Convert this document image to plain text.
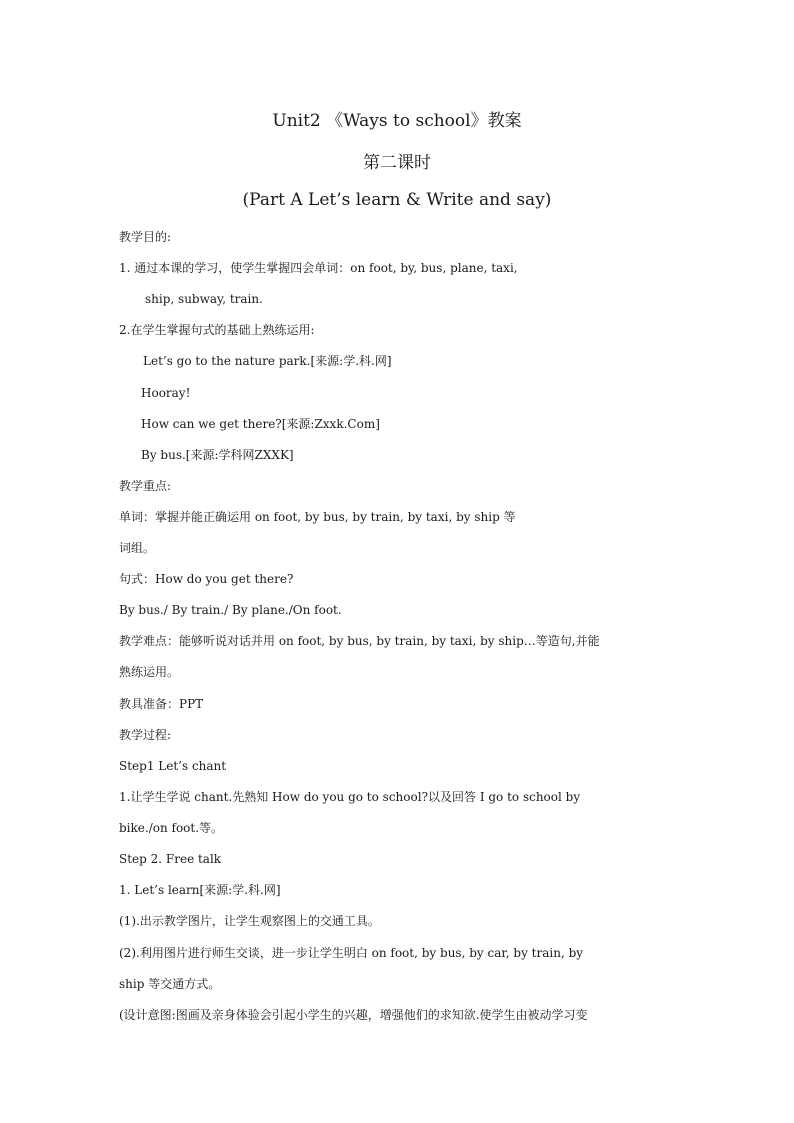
Unit2 《Ways to school》教案
第二课时
(Part A Let’s learn & Write and say)
教学目的:
1. 通过本课的学习，使学生掌握四会单词：on foot, by, bus, plane, taxi,
ship, subway, train.
2.在学生掌握句式的基础上熟练运用:
Let’s go to the nature park.[来源:学.科.网]
Hooray!
How can we get there?[来源:Zxxk.Com]
By bus.[来源:学科网ZXXK]
教学重点:
单词：掌握并能正确运用 on foot, by bus, by train, by taxi, by ship 等
词组。
句式：How do you get there?
By bus./ By train./ By plane./On foot.
教学难点：能够听说对话并用 on foot, by bus, by train, by taxi, by ship…等造句,并能
熟练运用。
教具准备：PPT
教学过程:
Step1 Let’s chant
1.让学生学说 chant.先熟知 How do you go to school?以及回答 I go to school by
bike./on foot.等。
Step 2. Free talk
1. Let’s learn[来源:学.科.网]
(1).出示教学图片，让学生观察图上的交通工具。
(2).利用图片进行师生交谈，进一步让学生明白 on foot, by bus, by car, by train, by
ship 等交通方式。
(设计意图:图画及亲身体验会引起小学生的兴趣，增强他们的求知欲.使学生由被动学习变
